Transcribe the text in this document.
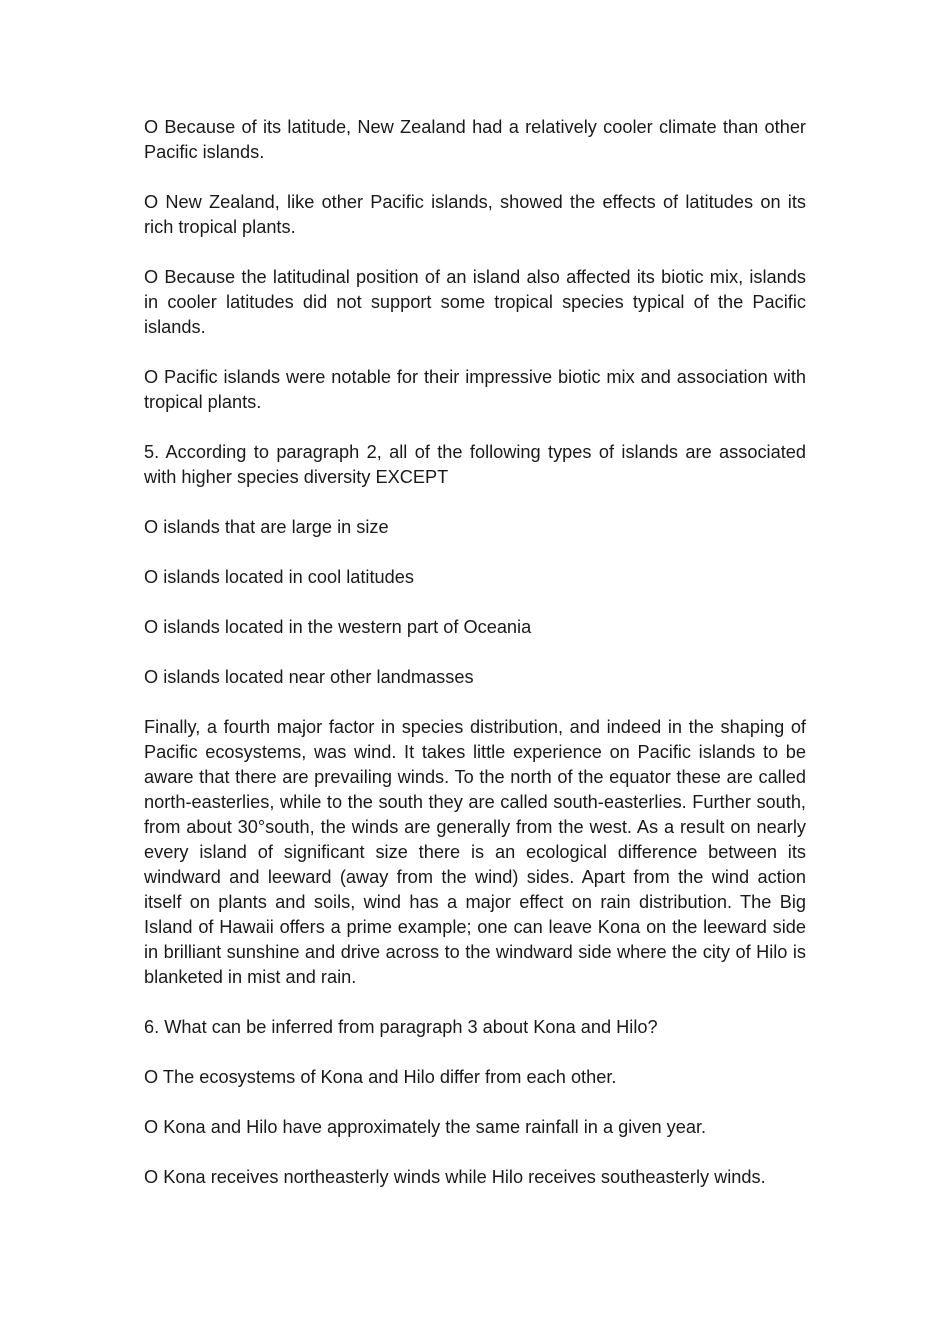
O Because of its latitude, New Zealand had a relatively cooler climate than other Pacific islands.

O New Zealand, like other Pacific islands, showed the effects of latitudes on its rich tropical plants.

O Because the latitudinal position of an island also affected its biotic mix, islands in cooler latitudes did not support some tropical species typical of the Pacific islands.

O Pacific islands were notable for their impressive biotic mix and association with tropical plants.

5. According to paragraph 2, all of the following types of islands are associated with higher species diversity EXCEPT

O islands that are large in size

O islands located in cool latitudes

O islands located in the western part of Oceania

O islands located near other landmasses

Finally, a fourth major factor in species distribution, and indeed in the shaping of Pacific ecosystems, was wind. It takes little experience on Pacific islands to be aware that there are prevailing winds. To the north of the equator these are called north-easterlies, while to the south they are called south-easterlies. Further south, from about 30°south, the winds are generally from the west. As a result on nearly every island of significant size there is an ecological difference between its windward and leeward (away from the wind) sides. Apart from the wind action itself on plants and soils, wind has a major effect on rain distribution. The Big Island of Hawaii offers a prime example; one can leave Kona on the leeward side in brilliant sunshine and drive across to the windward side where the city of Hilo is blanketed in mist and rain.

6. What can be inferred from paragraph 3 about Kona and Hilo?

O The ecosystems of Kona and Hilo differ from each other.

O Kona and Hilo have approximately the same rainfall in a given year.

O Kona receives northeasterly winds while Hilo receives southeasterly winds.
